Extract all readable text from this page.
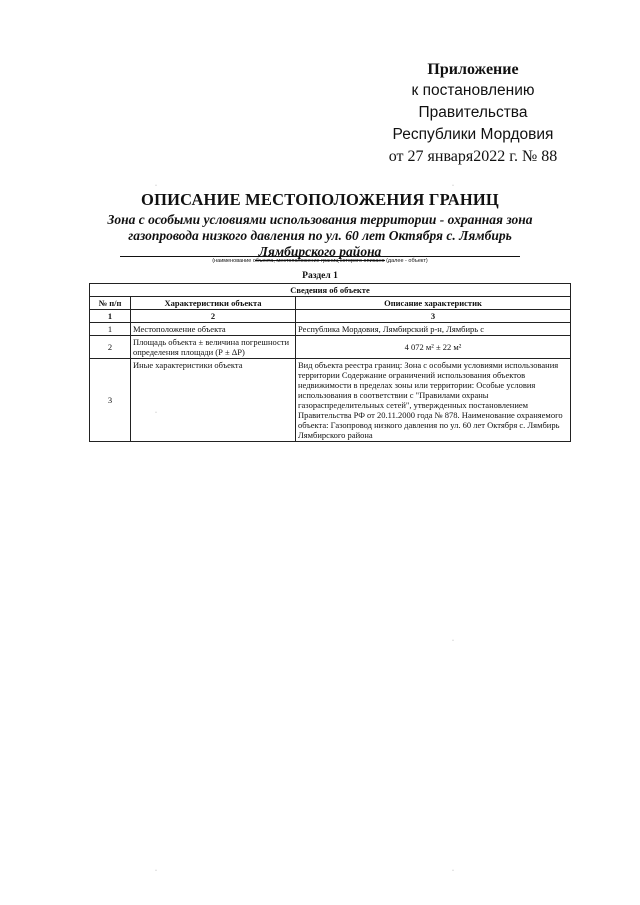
Приложение
к постановлению Правительства
Республики Мордовия
от 27 января2022 г. № 88
ОПИСАНИЕ МЕСТОПОЛОЖЕНИЯ ГРАНИЦ
Зона с особыми условиями использования территории - охранная зона
газопровода низкого давления по ул. 60 лет Октября с. Лямбирь
Лямбирского района
(наименование объекта, местоположение границ которого описано (далее - объект)
Раздел 1
Сведения об объекте		
№ п/п	Характеристики объекта	Описание характеристик
1	2	3
1	Местоположение объекта	Республика Мордовия, Лямбирский р-н, Лямбирь с
2	Площадь объекта ± величина погрешности определения площади (Р ± ΔР)	4 072 м² ± 22 м²
3	Иные характеристики объекта	Вид объекта реестра границ: Зона с особыми условиями использования территории Содержание ограничений использования объектов недвижимости в пределах зоны или территории: Особые условия использования в соответствии с "Правилами охраны газораспределительных сетей", утвержденных постановлением Правительства РФ от 20.11.2000 года № 878. Наименование охраняемого объекта: Газопровод низкого давления по ул. 60 лет Октября с. Лямбирь Лямбирского района
·	·
·
·
·	·
